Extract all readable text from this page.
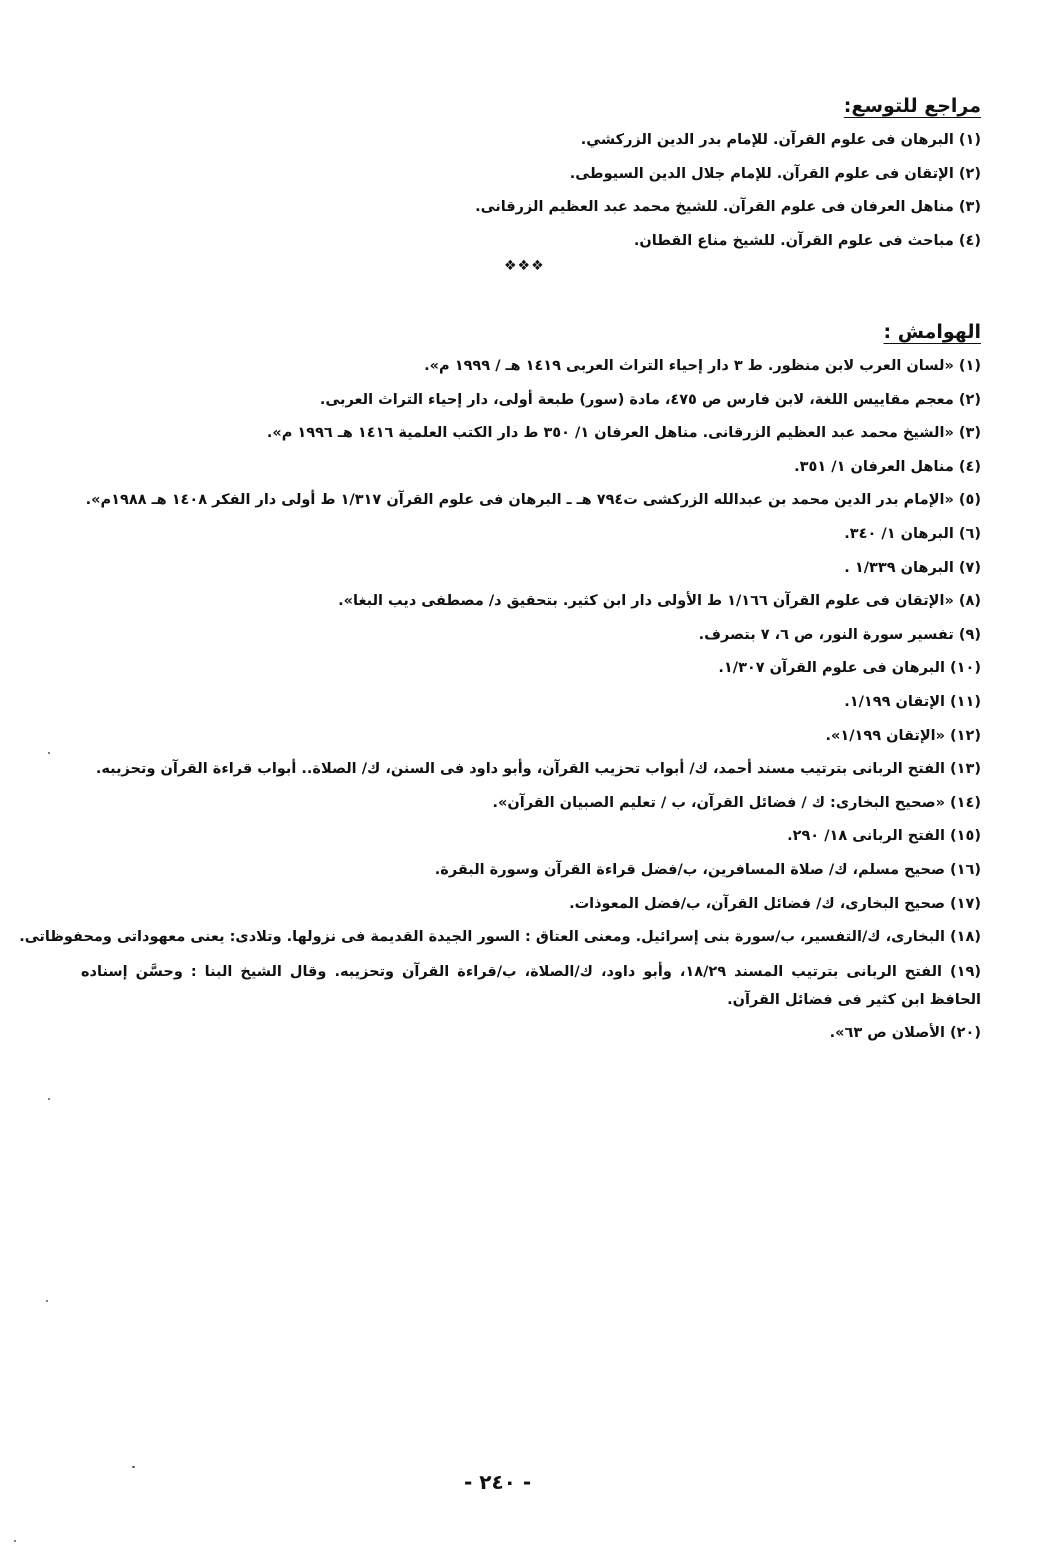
مراجع للتوسع:

(١) البرهان فى علوم القرآن. للإمام بدر الدين الزركشي.

(٢) الإتقان فى علوم القرآن. للإمام جلال الدين السيوطى.

(٣) مناهل العرفان فى علوم القرآن. للشيخ محمد عبد العظيم الزرقانى.

(٤) مباحث فى علوم القرآن. للشيخ مناع القطان.

❖❖❖
الهوامش :

(١) «لسان العرب لابن منظور. ط ٣ دار إحياء التراث العربى ١٤١٩ هـ / ١٩٩٩ م».

(٢) معجم مقاييس اللغة، لابن فارس ص ٤٧٥، مادة (سور) طبعة أولى، دار إحياء التراث العربى.

(٣) «الشيخ محمد عبد العظيم الزرقانى. مناهل العرفان ١/ ٣٥٠ ط دار الكتب العلمية ١٤١٦ هـ ١٩٩٦ م».

(٤) مناهل العرفان ١/ ٣٥١.

(٥) «الإمام بدر الدين محمد بن عبدالله الزركشى ت٧٩٤ هـ ـ البرهان فى علوم القرآن ١/٣١٧ ط أولى دار الفكر ١٤٠٨ هـ ١٩٨٨م».

(٦) البرهان ١/ ٣٤٠.

(٧) البرهان ١/٣٣٩ .

(٨) «الإتقان فى علوم القرآن ١/١٦٦ ط الأولى دار ابن كثير. بتحقيق د/ مصطفى ديب البغا».

(٩) تفسير سورة النور، ص ٦، ٧ بتصرف.

(١٠) البرهان فى علوم القرآن ١/٣٠٧.

(١١) الإتقان ١/١٩٩.

(١٢) «الإتقان ١/١٩٩».

(١٣) الفتح الربانى بترتيب مسند أحمد، ك/ أبواب تحزيب القرآن، وأبو داود فى السنن، ك/ الصلاة.. أبواب قراءة القرآن وتحزيبه.

(١٤) «صحيح البخارى: ك / فضائل القرآن، ب / تعليم الصبيان القرآن».

(١٥) الفتح الربانى ١٨/ ٢٩٠.

(١٦) صحيح مسلم، ك/ صلاة المسافرين، ب/فضل قراءة القرآن وسورة البقرة.

(١٧) صحيح البخارى، ك/ فضائل القرآن، ب/فضل المعوذات.

(١٨) البخارى، ك/التفسير، ب/سورة بنى إسرائيل. ومعنى العتاق : السور الجيدة القديمة فى نزولها. وتلادى: يعنى معهوداتى ومحفوظاتى.

(١٩) الفتح الربانى بترتيب المسند ١٨/٢٩، وأبو داود، ك/الصلاة، ب/قراءة القرآن وتحزيبه. وقال الشيخ البنا : وحسَّن إسناده الحافظ ابن كثير فى فضائل القرآن.

(٢٠) الأصلان ص ٦٣».

- ٢٤٠ -
